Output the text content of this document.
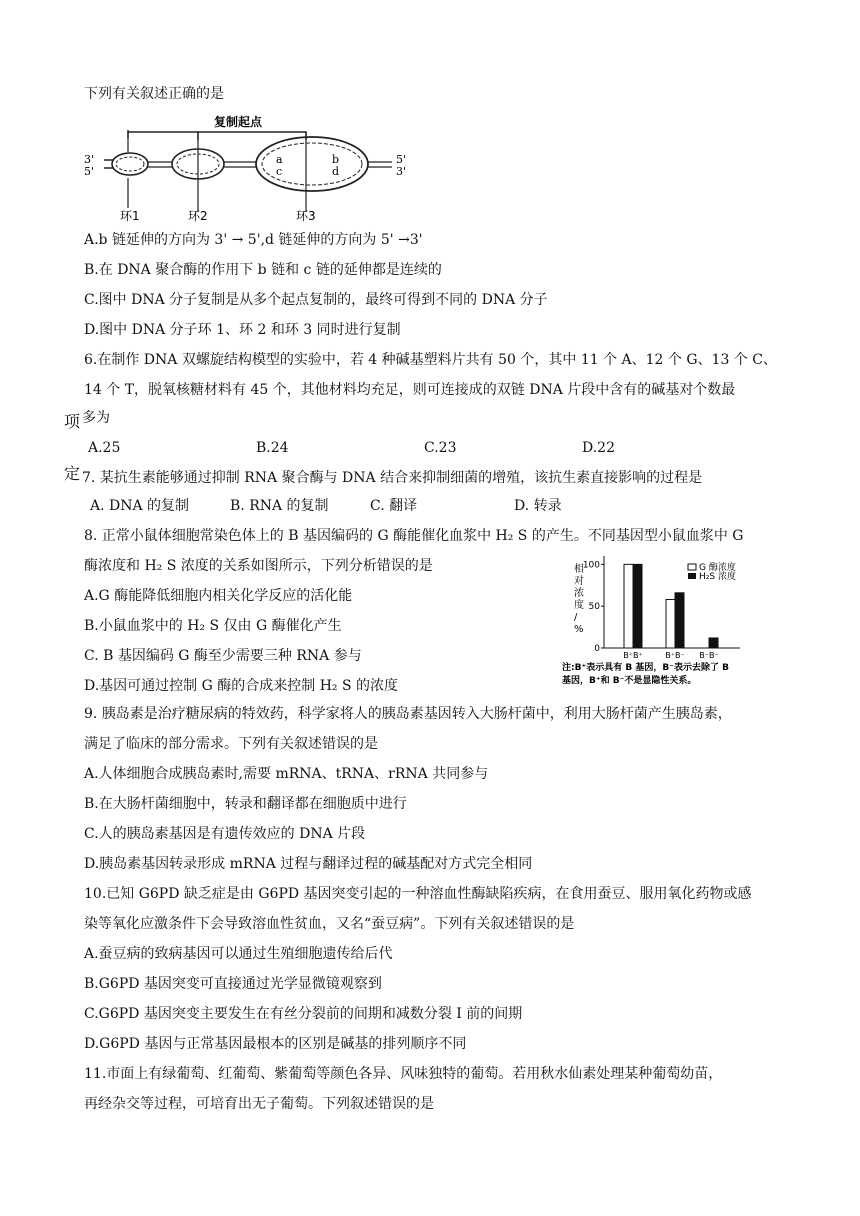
下列有关叙述正确的是
复制起点
a
c
b
d
3'
5'
5'
3'
环1	环2	环3
A.b 链延伸的方向为 3' → 5',d 链延伸的方向为 5' →3'
B.在 DNA 聚合酶的作用下 b 链和 c 链的延伸都是连续的
C.图中 DNA 分子复制是从多个起点复制的，最终可得到不同的 DNA 分子
D.图中 DNA 分子环 1、环 2 和环 3 同时进行复制
6.在制作 DNA 双螺旋结构模型的实验中，若 4 种碱基塑料片共有 50 个，其中 11 个 A、12 个 G、13 个 C、
14 个 T，脱氧核糖材料有 45 个，其他材料均充足，则可连接成的双链 DNA 片段中含有的碱基对个数最
项 多为
A.25	B.24	C.23	D.22
定 7. 某抗生素能够通过抑制 RNA 聚合酶与 DNA 结合来抑制细菌的增殖，该抗生素直接影响的过程是
A. DNA 的复制	B. RNA 的复制	C. 翻译	D. 转录
8. 正常小鼠体细胞常染色体上的 B 基因编码的 G 酶能催化血浆中 H₂ S 的产生。不同基因型小鼠血浆中 G
酶浓度和 H₂ S 浓度的关系如图所示，下列分析错误的是
A.G 酶能降低细胞内相关化学反应的活化能
B.小鼠血浆中的 H₂ S 仅由 G 酶催化产生
C. B 基因编码 G 酶至少需要三种 RNA 参与
D.基因可通过控制 G 酶的合成来控制 H₂ S 的浓度
相
对
浓
度
/
%
0
50
100
B⁺B⁺	B⁺B⁻ B⁻B⁻
G 酶浓度
H₂S 浓度
注:B⁺表示具有 B 基因，B⁻表示去除了 B
基因，B⁺和 B⁻不是显隐性关系。
9. 胰岛素是治疗糖尿病的特效药，科学家将人的胰岛素基因转入大肠杆菌中，利用大肠杆菌产生胰岛素，
满足了临床的部分需求。下列有关叙述错误的是
A.人体细胞合成胰岛素时,需要 mRNA、tRNA、rRNA 共同参与
B.在大肠杆菌细胞中，转录和翻译都在细胞质中进行
C.人的胰岛素基因是有遗传效应的 DNA 片段
D.胰岛素基因转录形成 mRNA 过程与翻译过程的碱基配对方式完全相同
10.已知 G6PD 缺乏症是由 G6PD 基因突变引起的一种溶血性酶缺陷疾病，在食用蚕豆、服用氧化药物或感
染等氧化应激条件下会导致溶血性贫血，又名“蚕豆病”。下列有关叙述错误的是
A.蚕豆病的致病基因可以通过生殖细胞遗传给后代
B.G6PD 基因突变可直接通过光学显微镜观察到
C.G6PD 基因突变主要发生在有丝分裂前的间期和减数分裂 Ⅰ 前的间期
D.G6PD 基因与正常基因最根本的区别是碱基的排列顺序不同
11.市面上有绿葡萄、红葡萄、紫葡萄等颜色各异、风味独特的葡萄。若用秋水仙素处理某种葡萄幼苗，
再经杂交等过程，可培育出无子葡萄。下列叙述错误的是
